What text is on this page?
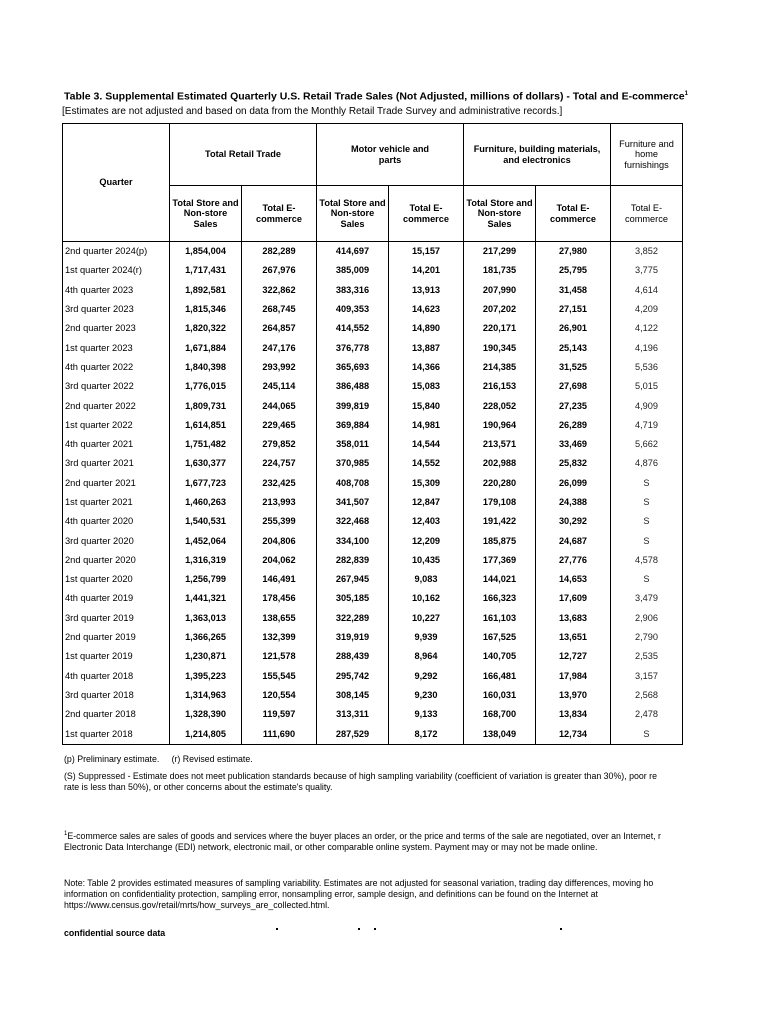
Table 3. Supplemental Estimated Quarterly U.S. Retail Trade Sales (Not Adjusted, millions of dollars) - Total and E-commerce$^1$
[Estimates are not adjusted and based on data from the Monthly Retail Trade Survey and administrative records.]
Quarter	Total Retail Trade		Motor vehicle and parts		Furniture, building materials, and electronics		Furniture and home furnishings

	Total Store and Non-store Sales	Total E-commerce	Total Store and Non-store Sales	Total E-commerce	Total Store and Non-store Sales	Total E-commerce	Total E-commerce

2nd quarter 2024(p)	1,854,004	282,289	414,697	15,157	217,299	27,980	3,852
1st quarter 2024(r)	1,717,431	267,976	385,009	14,201	181,735	25,795	3,775
4th quarter 2023	1,892,581	322,862	383,316	13,913	207,990	31,458	4,614
3rd quarter 2023	1,815,346	268,745	409,353	14,623	207,202	27,151	4,209
2nd quarter 2023	1,820,322	264,857	414,552	14,890	220,171	26,901	4,122
1st quarter 2023	1,671,884	247,176	376,778	13,887	190,345	25,143	4,196
4th quarter 2022	1,840,398	293,992	365,693	14,366	214,385	31,525	5,536
3rd quarter 2022	1,776,015	245,114	386,488	15,083	216,153	27,698	5,015
2nd quarter 2022	1,809,731	244,065	399,819	15,840	228,052	27,235	4,909
1st quarter 2022	1,614,851	229,465	369,884	14,981	190,964	26,289	4,719
4th quarter 2021	1,751,482	279,852	358,011	14,544	213,571	33,469	5,662
3rd quarter 2021	1,630,377	224,757	370,985	14,552	202,988	25,832	4,876
2nd quarter 2021	1,677,723	232,425	408,708	15,309	220,280	26,099	S
1st quarter 2021	1,460,263	213,993	341,507	12,847	179,108	24,388	S
4th quarter 2020	1,540,531	255,399	322,468	12,403	191,422	30,292	S
3rd quarter 2020	1,452,064	204,806	334,100	12,209	185,875	24,687	S
2nd quarter 2020	1,316,319	204,062	282,839	10,435	177,369	27,776	4,578
1st quarter 2020	1,256,799	146,491	267,945	9,083	144,021	14,653	S
4th quarter 2019	1,441,321	178,456	305,185	10,162	166,323	17,609	3,479
3rd quarter 2019	1,363,013	138,655	322,289	10,227	161,103	13,683	2,906
2nd quarter 2019	1,366,265	132,399	319,919	9,939	167,525	13,651	2,790
1st quarter 2019	1,230,871	121,578	288,439	8,964	140,705	12,727	2,535
4th quarter 2018	1,395,223	155,545	295,742	9,292	166,481	17,984	3,157
3rd quarter 2018	1,314,963	120,554	308,145	9,230	160,031	13,970	2,568
2nd quarter 2018	1,328,390	119,597	313,311	9,133	168,700	13,834	2,478
1st quarter 2018	1,214,805	111,690	287,529	8,172	138,049	12,734	S
(p) Preliminary estimate. (r) Revised estimate.
(S) Suppressed - Estimate does not meet publication standards because of high sampling variability (coefficient of variation is greater than 30%), poor re
rate is less than 50%), or other concerns about the estimate's quality.
$^1$E-commerce sales are sales of goods and services where the buyer places an order, or the price and terms of the sale are negotiated, over an Internet, r
Electronic Data Interchange (EDI) network, electronic mail, or other comparable online system. Payment may or may not be made online.
Note: Table 2 provides estimated measures of sampling variability. Estimates are not adjusted for seasonal variation, trading day differences, moving ho
information on confidentiality protection, sampling error, nonsampling error, sample design, and definitions can be found on the Internet at
https://www.census.gov/retail/mrts/how_surveys_are_collected.html.
confidential source data
